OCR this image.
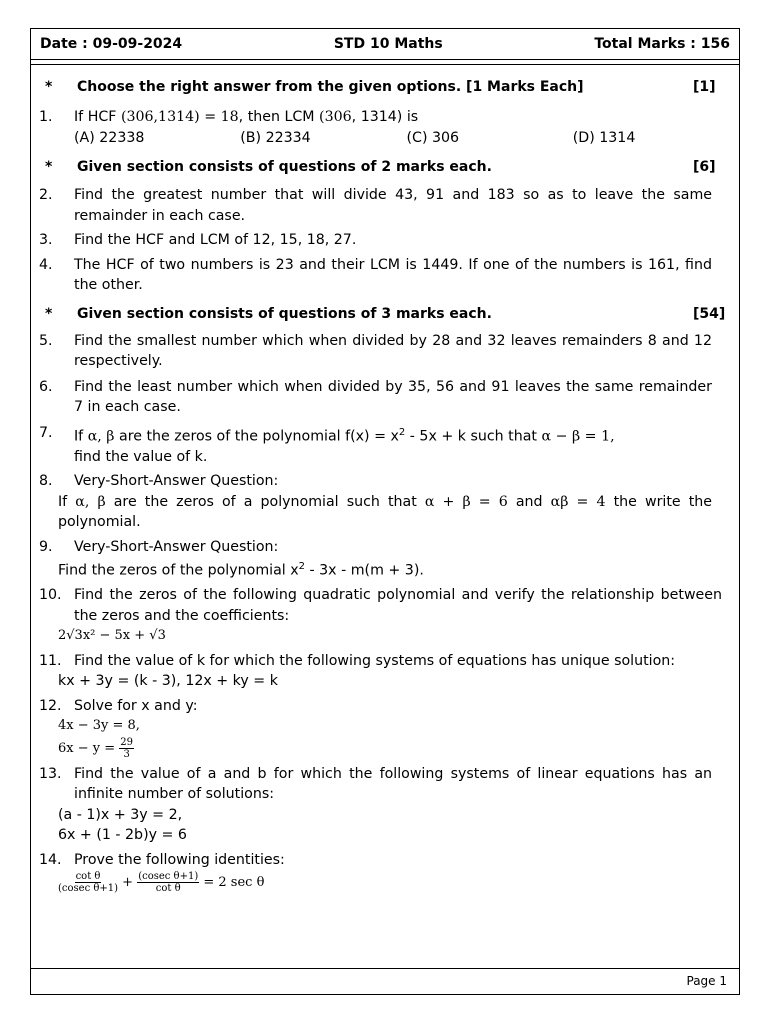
Date : 09-09-2024	STD 10 Maths	Total Marks : 156
* Choose the right answer from the given options. [1 Marks Each]	[1]
1. If HCF (306,1314) = 18, then LCM (306, 1314) is
(A) 22338	(B) 22334	(C) 306	(D) 1314
* Given section consists of questions of 2 marks each.	[6]
2. Find the greatest number that will divide 43, 91 and 183 so as to leave the same remainder in each case.
3. Find the HCF and LCM of 12, 15, 18, 27.
4. The HCF of two numbers is 23 and their LCM is 1449. If one of the numbers is 161, find the other.
* Given section consists of questions of 3 marks each.	[54]
5. Find the smallest number which when divided by 28 and 32 leaves remainders 8 and 12 respectively.
6. Find the least number which when divided by 35, 56 and 91 leaves the same remainder 7 in each case.
7. If α, β are the zeros of the polynomial $f(x) = x^2 - 5x + k$ such that α − β = 1,
find the value of k.
8. Very-Short-Answer Question:
If α, β are the zeros of a polynomial such that α + β = 6 and αβ = 4 the write the polynomial.
9. Very-Short-Answer Question:
Find the zeros of the polynomial $x^2 - 3x - m(m + 3)$.
10. Find the zeros of the following quadratic polynomial and verify the relationship between the zeros and the coefficients:
2√3x² − 5x + √3
11. Find the value of k for which the following systems of equations has unique solution:
kx + 3y = (k - 3), 12x + ky = k
12. Solve for x and y:
4x − 3y = 8,
$6x - y = \frac{29}{3}$
13. Find the value of a and b for which the following systems of linear equations has an infinite number of solutions:
(a - 1)x + 3y = 2,
6x + (1 - 2b)y = 6
14. Prove the following identities:
$\frac{\text{cot θ}}{\text{(cosec θ+1)}} + \frac{\text{(cosec θ+1)}}{\text{cot θ}} = 2$ sec θ
Page 1
